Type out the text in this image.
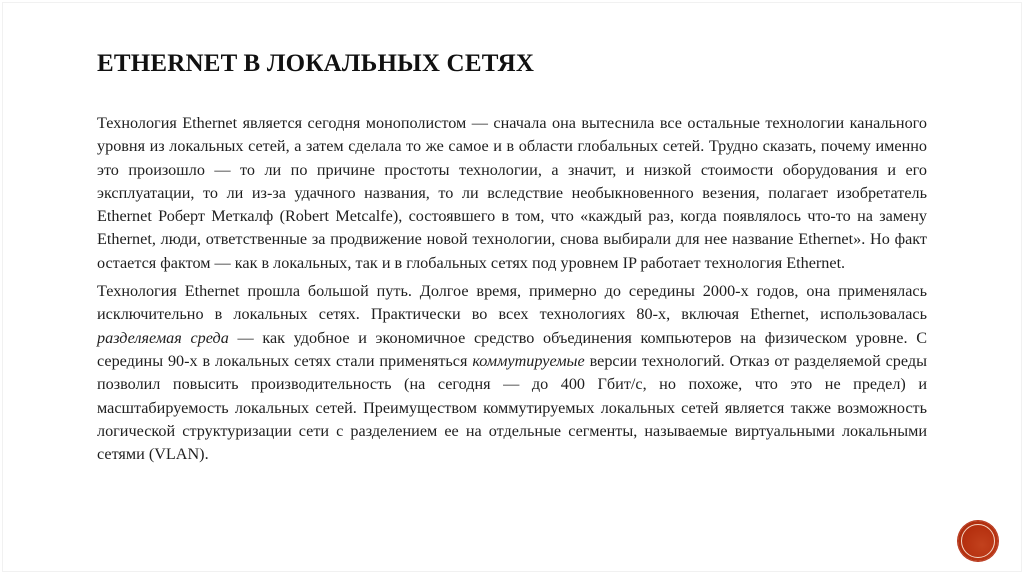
ETHERNET В ЛОКАЛЬНЫХ СЕТЯХ

Технология Ethernet является сегодня монополистом — сначала она вытеснила все остальные технологии канального уровня из локальных сетей, а затем сделала то же самое и в области глобальных сетей. Трудно сказать, почему именно это произошло — то ли по причине простоты технологии, а значит, и низкой стоимости оборудования и его эксплуатации, то ли из-за удачного названия, то ли вследствие необыкновенного везения, полагает изобретатель Ethernet Роберт Меткалф (Robert Metcalfe), состоявшего в том, что «каждый раз, когда появлялось что-то на замену Ethernet, люди, ответственные за продвижение новой технологии, снова выбирали для нее название Ethernet». Но факт остается фактом — как в локальных, так и в глобальных сетях под уровнем IP работает технология Ethernet.

Технология Ethernet прошла большой путь. Долгое время, примерно до середины 2000-х годов, она применялась исключительно в локальных сетях. Практически во всех технологиях 80-х, включая Ethernet, использовалась разделяемая среда — как удобное и экономичное средство объединения компьютеров на физическом уровне. С середины 90-х в локальных сетях стали применяться коммутируемые версии технологий. Отказ от разделяемой среды позволил повысить производительность (на сегодня — до 400 Гбит/с, но похоже, что это не предел) и масштабируемость локальных сетей. Преимуществом коммутируемых локальных сетей является также возможность логической структуризации сети с разделением ее на отдельные сегменты, называемые виртуальными локальными сетями (VLAN).
